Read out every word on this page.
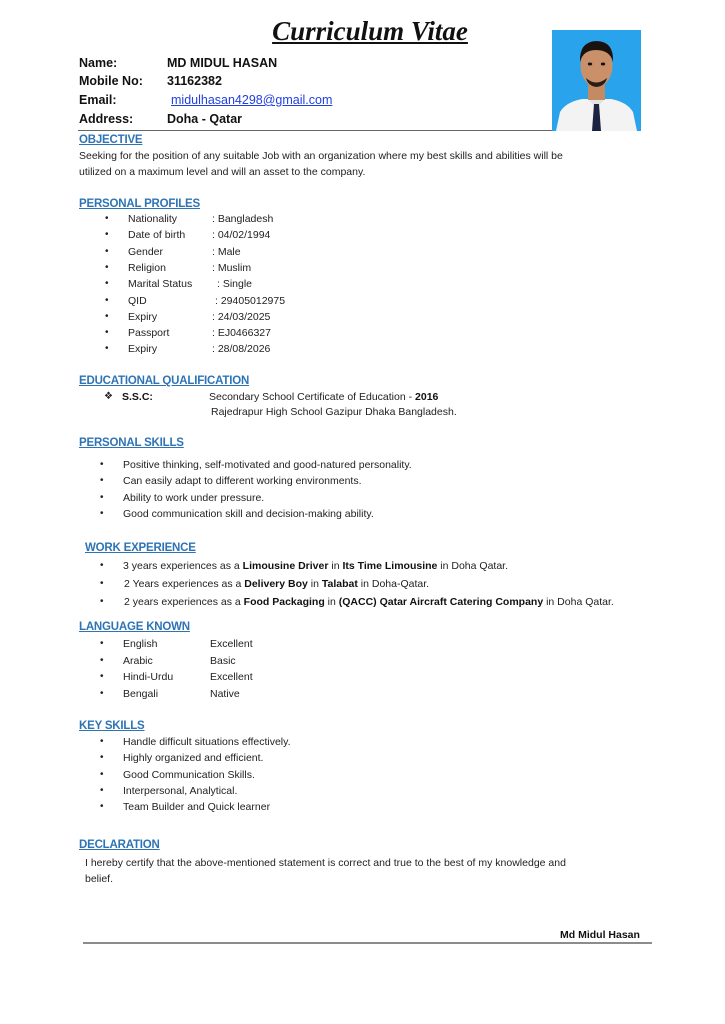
Curriculum Vitae
Name:	MD MIDUL HASAN
Mobile No: 31162382
Email:	midulhasan4298@gmail.com
Address:	Doha - Qatar
OBJECTIVE
Seeking for the position of any suitable Job with an organization where my best skills and abilities will be
utilized on a maximum level and will an asset to the company.
PERSONAL PROFILES
• Nationality	: Bangladesh
• Date of birth	: 04/02/1994
• Gender	: Male
• Religion	: Muslim
• Marital Status : Single
• QID	: 29405012975
• Expiry	: 24/03/2025
• Passport	: EJ0466327
• Expiry	: 28/08/2026
EDUCATIONAL QUALIFICATION
❖ S.S.C:	Secondary School Certificate of Education - 2016
Rajedrapur High School Gazipur Dhaka Bangladesh.
PERSONAL SKILLS
• Positive thinking, self-motivated and good-natured personality.
• Can easily adapt to different working environments.
• Ability to work under pressure.
• Good communication skill and decision-making ability.
WORK EXPERIENCE
• 3 years experiences as a Limousine Driver in Its Time Limousine in Doha Qatar.
• 2 Years experiences as a Delivery Boy in Talabat in Doha-Qatar.
• 2 years experiences as a Food Packaging in (QACC) Qatar Aircraft Catering Company in Doha Qatar.
LANGUAGE KNOWN
• English	Excellent
• Arabic	Basic
• Hindi-Urdu	Excellent
• Bengali	Native
KEY SKILLS
• Handle difficult situations effectively.
• Highly organized and efficient.
• Good Communication Skills.
• Interpersonal, Analytical.
• Team Builder and Quick learner
DECLARATION
I hereby certify that the above-mentioned statement is correct and true to the best of my knowledge and
belief.
Md Midul Hasan
